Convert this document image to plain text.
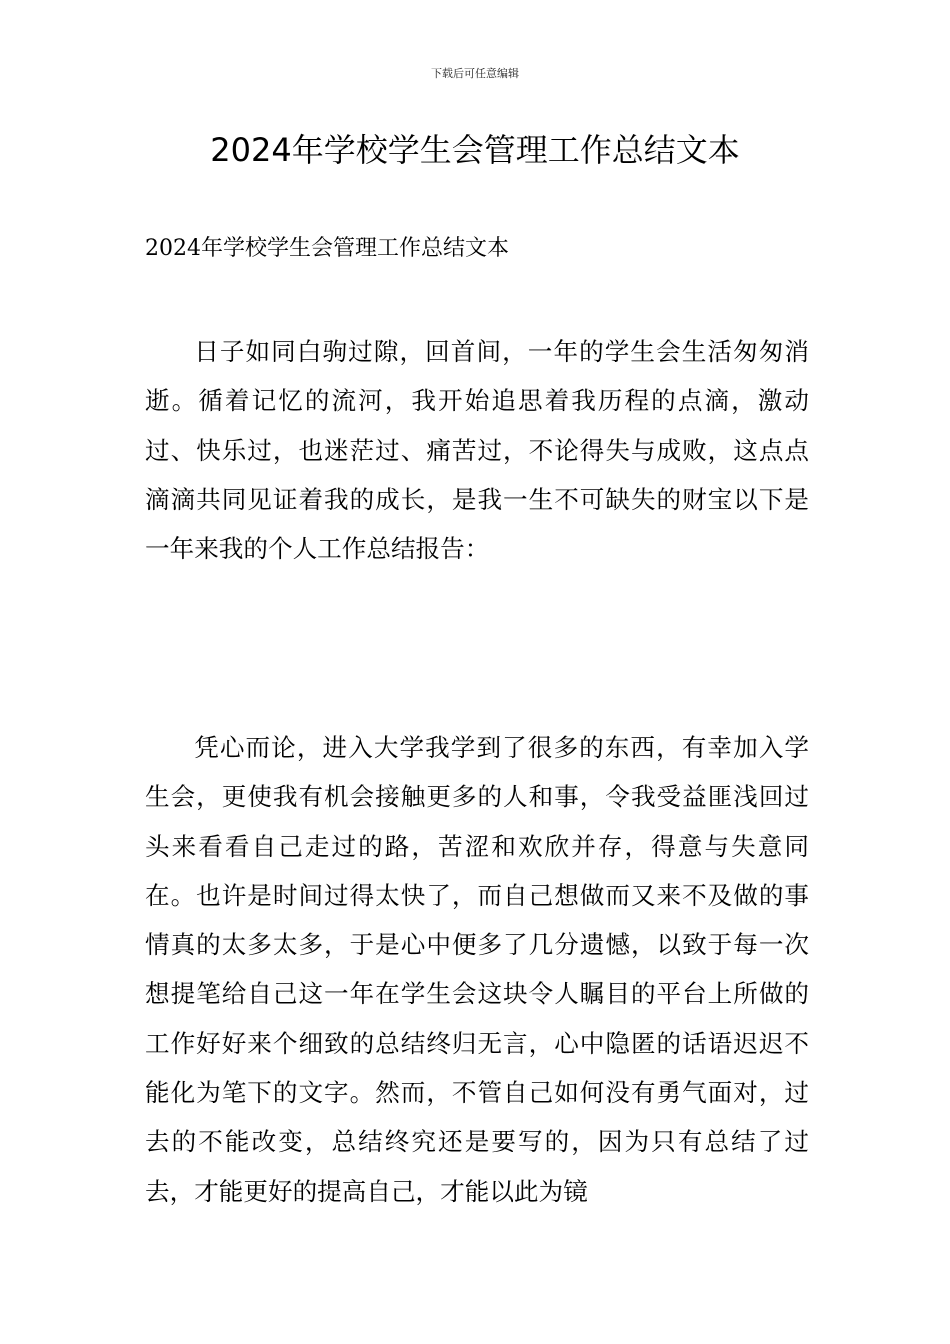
下载后可任意编辑
2024年学校学生会管理工作总结文本

2024年学校学生会管理工作总结文本

日子如同白驹过隙，回首间，一年的学生会生活匆匆消逝。循着记忆的流河，我开始追思着我历程的点滴，激动过、快乐过，也迷茫过、痛苦过，不论得失与成败，这点点滴滴共同见证着我的成长，是我一生不可缺失的财宝以下是一年来我的个人工作总结报告：

凭心而论，进入大学我学到了很多的东西，有幸加入学生会，更使我有机会接触更多的人和事，令我受益匪浅回过头来看看自己走过的路，苦涩和欢欣并存，得意与失意同在。也许是时间过得太快了，而自己想做而又来不及做的事情真的太多太多，于是心中便多了几分遗憾，以致于每一次想提笔给自己这一年在学生会这块令人瞩目的平台上所做的工作好好来个细致的总结终归无言，心中隐匿的话语迟迟不能化为笔下的文字。然而，不管自己如何没有勇气面对，过去的不能改变，总结终究还是要写的，因为只有总结了过去，才能更好的提高自己，才能以此为镜
